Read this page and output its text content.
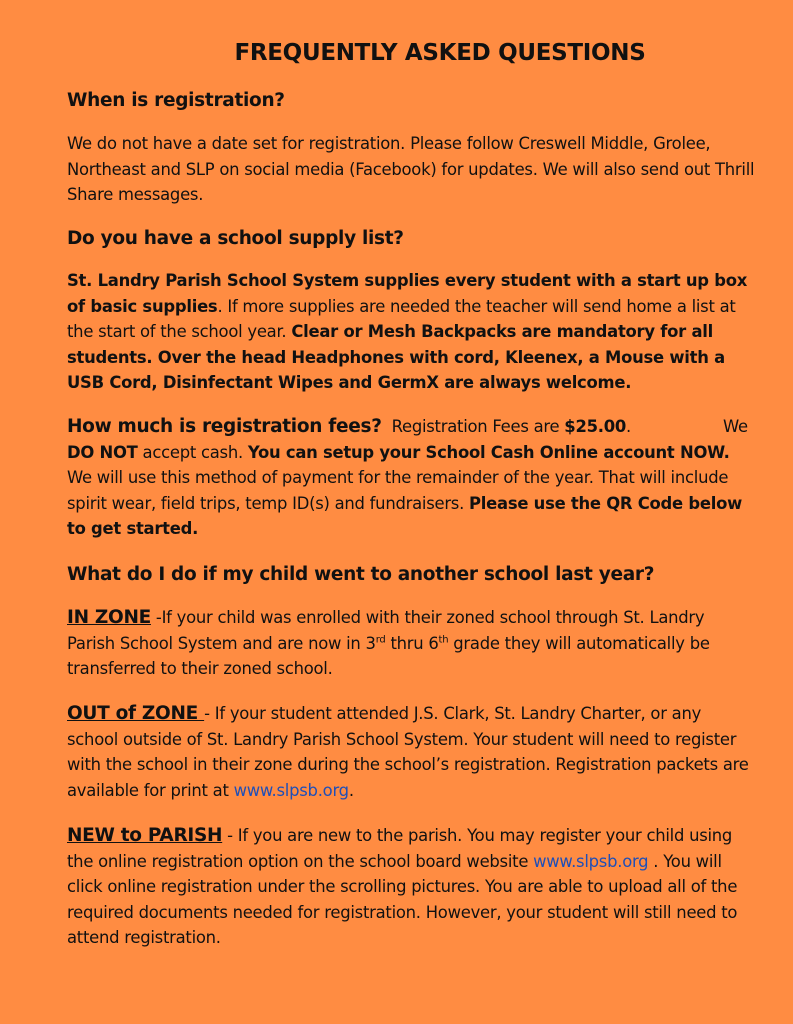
FREQUENTLY ASKED QUESTIONS

When is registration?

We do not have a date set for registration. Please follow Creswell Middle, Grolee, Northeast and SLP on social media (Facebook) for updates. We will also send out Thrill Share messages.

Do you have a school supply list?

St. Landry Parish School System supplies every student with a start up box of basic supplies. If more supplies are needed the teacher will send home a list at the start of the school year. Clear or Mesh Backpacks are mandatory for all students. Over the head Headphones with cord, Kleenex, a Mouse with a USB Cord, Disinfectant Wipes and GermX are always welcome.

How much is registration fees? Registration Fees are $25.00.	We DO NOT accept cash. You can setup your School Cash Online account NOW. We will use this method of payment for the remainder of the year. That will include spirit wear, field trips, temp ID(s) and fundraisers. Please use the QR Code below to get started.

What do I do if my child went to another school last year?

IN ZONE -If your child was enrolled with their zoned school through St. Landry Parish School System and are now in 3rd thru 6th grade they will automatically be transferred to their zoned school.

OUT of ZONE - If your student attended J.S. Clark, St. Landry Charter, or any school outside of St. Landry Parish School System. Your student will need to register with the school in their zone during the school’s registration. Registration packets are available for print at www.slpsb.org.

NEW to PARISH - If you are new to the parish. You may register your child using the online registration option on the school board website www.slpsb.org . You will click online registration under the scrolling pictures. You are able to upload all of the required documents needed for registration. However, your student will still need to attend registration.
